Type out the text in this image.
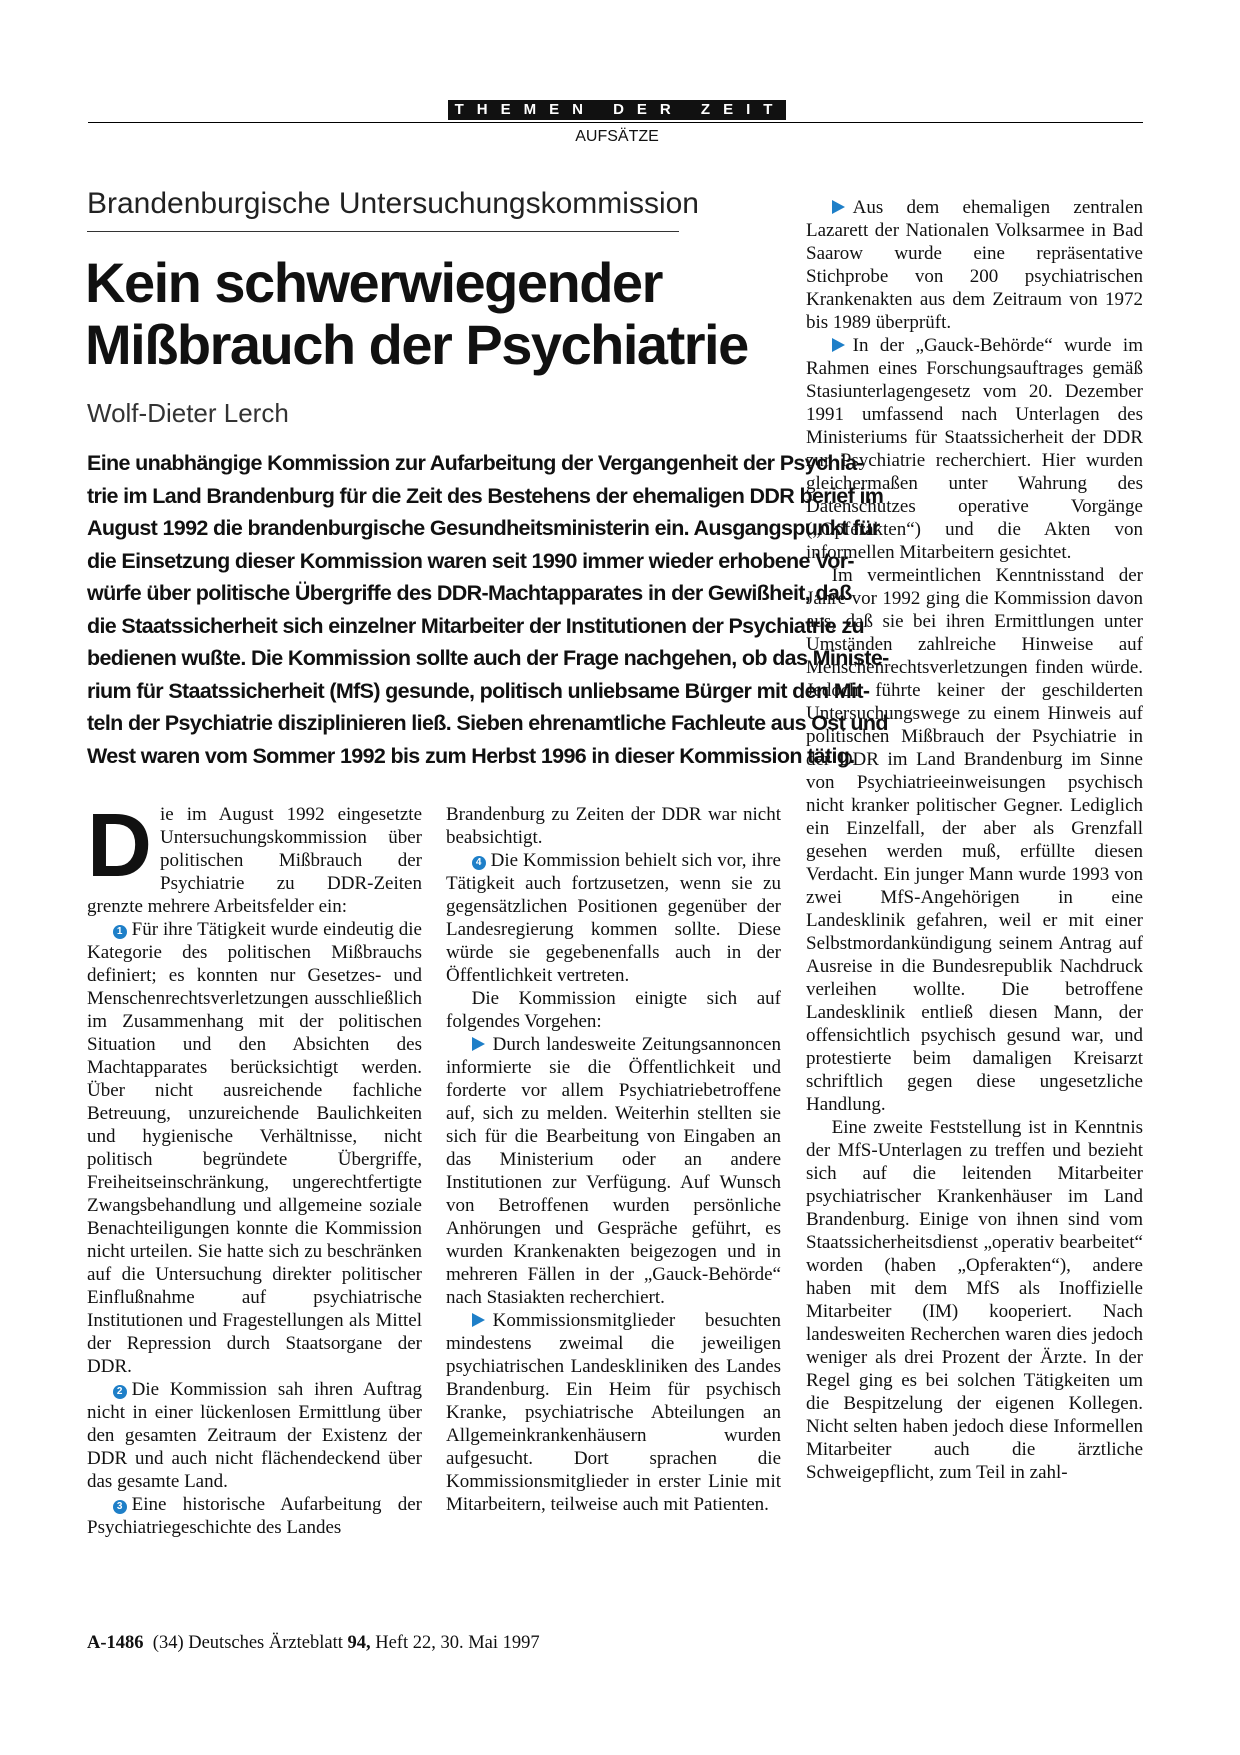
THEMEN DER ZEIT
AUFSÄTZE
Brandenburgische Untersuchungskommission
Kein schwerwiegender
Mißbrauch der Psychiatrie
Wolf-Dieter Lerch
Eine unabhängige Kommission zur Aufarbeitung der Vergangenheit der Psychia-
trie im Land Brandenburg für die Zeit des Bestehens der ehemaligen DDR berief im
August 1992 die brandenburgische Gesundheitsministerin ein. Ausgangspunkt für
die Einsetzung dieser Kommission waren seit 1990 immer wieder erhobene Vor-
würfe über politische Übergriffe des DDR-Machtapparates in der Gewißheit, daß
die Staatssicherheit sich einzelner Mitarbeiter der Institutionen der Psychiatrie zu
bedienen wußte. Die Kommission sollte auch der Frage nachgehen, ob das Ministe-
rium für Staatssicherheit (MfS) gesunde, politisch unliebsame Bürger mit den Mit-
teln der Psychiatrie disziplinieren ließ. Sieben ehrenamtliche Fachleute aus Ost und
West waren vom Sommer 1992 bis zum Herbst 1996 in dieser Kommission tätig.

Die im August 1992 eingesetzte Untersuchungskommission über politischen Mißbrauch der Psychiatrie zu DDR-Zeiten grenzte mehrere Arbeitsfelder ein:

1 Für ihre Tätigkeit wurde eindeutig die Kategorie des politischen Mißbrauchs definiert; es konnten nur Gesetzes- und Menschenrechtsverletzungen ausschließlich im Zusammenhang mit der politischen Situation und den Absichten des Machtapparates berücksichtigt werden. Über nicht ausreichende fachliche Betreuung, unzureichende Baulichkeiten und hygienische Verhältnisse, nicht politisch begründete Übergriffe, Freiheitseinschränkung, ungerechtfertigte Zwangsbehandlung und allgemeine soziale Benachteiligungen konnte die Kommission nicht urteilen. Sie hatte sich zu beschränken auf die Untersuchung direkter politischer Einflußnahme auf psychiatrische Institutionen und Fragestellungen als Mittel der Repression durch Staatsorgane der DDR.

2 Die Kommission sah ihren Auftrag nicht in einer lückenlosen Ermittlung über den gesamten Zeitraum der Existenz der DDR und auch nicht flächendeckend über das gesamte Land.

3 Eine historische Aufarbeitung der Psychiatriegeschichte des Landes

Brandenburg zu Zeiten der DDR war nicht beabsichtigt.

4 Die Kommission behielt sich vor, ihre Tätigkeit auch fortzusetzen, wenn sie zu gegensätzlichen Positionen gegenüber der Landesregierung kommen sollte. Diese würde sie gegebenenfalls auch in der Öffentlichkeit vertreten.

Die Kommission einigte sich auf folgendes Vorgehen:

Durch landesweite Zeitungsannoncen informierte sie die Öffentlichkeit und forderte vor allem Psychiatriebetroffene auf, sich zu melden. Weiterhin stellten sie sich für die Bearbeitung von Eingaben an das Ministerium oder an andere Institutionen zur Verfügung. Auf Wunsch von Betroffenen wurden persönliche Anhörungen und Gespräche geführt, es wurden Krankenakten beigezogen und in mehreren Fällen in der „Gauck-Behörde“ nach Stasiakten recherchiert.

Kommissionsmitglieder besuchten mindestens zweimal die jeweiligen psychiatrischen Landeskliniken des Landes Brandenburg. Ein Heim für psychisch Kranke, psychiatrische Abteilungen an Allgemeinkrankenhäusern wurden aufgesucht. Dort sprachen die Kommissionsmitglieder in erster Linie mit Mitarbeitern, teilweise auch mit Patienten.

Aus dem ehemaligen zentralen Lazarett der Nationalen Volksarmee in Bad Saarow wurde eine repräsentative Stichprobe von 200 psychiatrischen Krankenakten aus dem Zeitraum von 1972 bis 1989 überprüft.

In der „Gauck-Behörde“ wurde im Rahmen eines Forschungsauftrages gemäß Stasiunterlagengesetz vom 20. Dezember 1991 umfassend nach Unterlagen des Ministeriums für Staatssicherheit der DDR zur Psychiatrie recherchiert. Hier wurden gleichermaßen unter Wahrung des Datenschutzes operative Vorgänge („Opferakten“) und die Akten von informellen Mitarbeitern gesichtet.

Im vermeintlichen Kenntnisstand der Jahre vor 1992 ging die Kommission davon aus, daß sie bei ihren Ermittlungen unter Umständen zahlreiche Hinweise auf Menschenrechtsverletzungen finden würde. Jedoch führte keiner der geschilderten Untersuchungswege zu einem Hinweis auf politischen Mißbrauch der Psychiatrie in der DDR im Land Brandenburg im Sinne von Psychiatrieeinweisungen psychisch nicht kranker politischer Gegner. Lediglich ein Einzelfall, der aber als Grenzfall gesehen werden muß, erfüllte diesen Verdacht. Ein junger Mann wurde 1993 von zwei MfS-Angehörigen in eine Landesklinik gefahren, weil er mit einer Selbstmordankündigung seinem Antrag auf Ausreise in die Bundesrepublik Nachdruck verleihen wollte. Die betroffene Landesklinik entließ diesen Mann, der offensichtlich psychisch gesund war, und protestierte beim damaligen Kreisarzt schriftlich gegen diese ungesetzliche Handlung.

Eine zweite Feststellung ist in Kenntnis der MfS-Unterlagen zu treffen und bezieht sich auf die leitenden Mitarbeiter psychiatrischer Krankenhäuser im Land Brandenburg. Einige von ihnen sind vom Staatssicherheitsdienst „operativ bearbeitet“ worden (haben „Opferakten“), andere haben mit dem MfS als Inoffizielle Mitarbeiter (IM) kooperiert. Nach landesweiten Recherchen waren dies jedoch weniger als drei Prozent der Ärzte. In der Regel ging es bei solchen Tätigkeiten um die Bespitzelung der eigenen Kollegen. Nicht selten haben jedoch diese Informellen Mitarbeiter auch die ärztliche Schweigepflicht, zum Teil in zahl-

A-1486 (34) Deutsches Ärzteblatt 94, Heft 22, 30. Mai 1997
